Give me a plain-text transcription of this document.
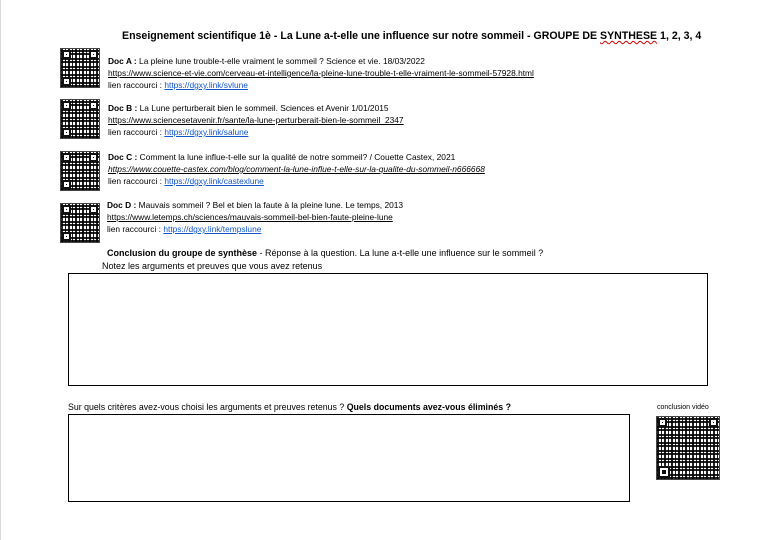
Enseignement scientifique 1è - La Lune a-t-elle une influence sur notre sommeil - GROUPE DE SYNTHESE 1, 2, 3, 4
Doc A : La pleine lune trouble-t-elle vraiment le sommeil ? Science et vie. 18/03/2022
https://www.science-et-vie.com/cerveau-et-intelligence/la-pleine-lune-trouble-t-elle-vraiment-le-sommeil-57928.html
lien raccourci : https://dgxy.link/svlune
Doc B : La Lune perturberait bien le sommeil. Sciences et Avenir 1/01/2015
https://www.sciencesetavenir.fr/sante/la-lune-perturberait-bien-le-sommeil_2347
lien raccourci : https://dgxy.link/salune
Doc C : Comment la lune influe-t-elle sur la qualité de notre sommeil? / Couette Castex, 2021
https://www.couette-castex.com/blog/comment-la-lune-influe-t-elle-sur-la-qualite-du-sommeil-n666668
lien raccourci : https://dgxy.link/castexlune
Doc D : Mauvais sommeil ? Bel et bien la faute à la pleine lune. Le temps, 2013
https://www.letemps.ch/sciences/mauvais-sommeil-bel-bien-faute-pleine-lune
lien raccourci : https://dgxy.link/tempslune
Conclusion du groupe de synthèse - Réponse à la question. La lune a-t-elle une influence sur le sommeil ?
Notez les arguments et preuves que vous avez retenus
Sur quels critères avez-vous choisi les arguments et preuves retenus ? Quels documents avez-vous éliminés ?	conclusion vidéo
